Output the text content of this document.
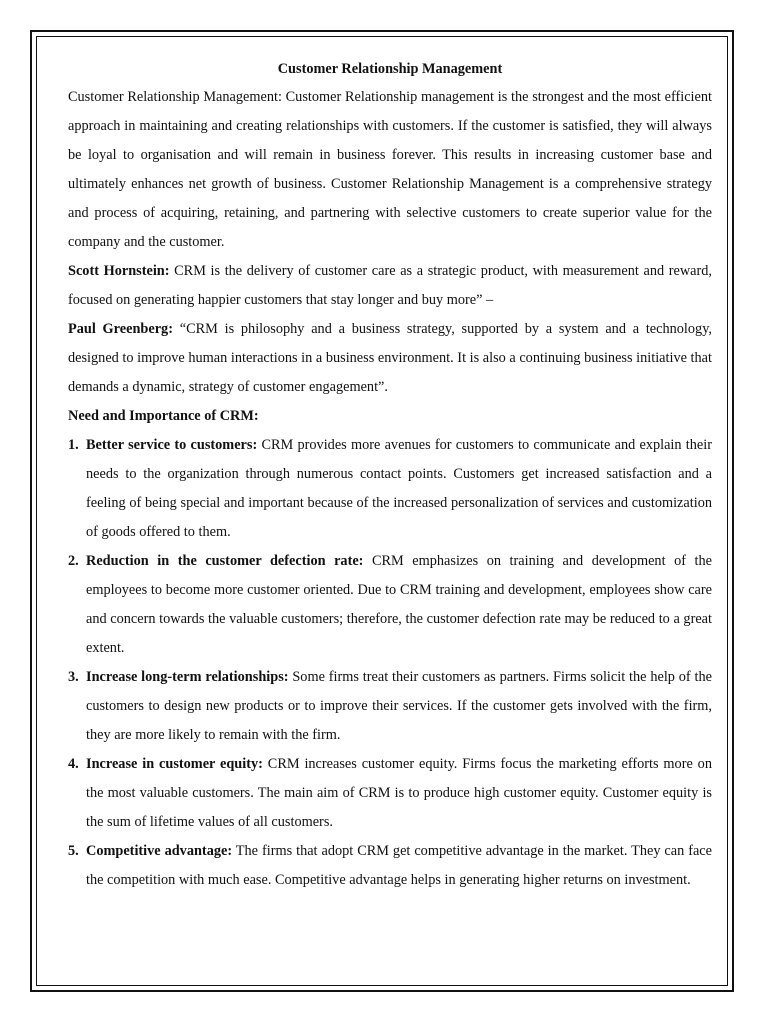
Customer Relationship Management

Customer Relationship Management: Customer Relationship management is the strongest and the most efficient approach in maintaining and creating relationships with customers. If the customer is satisfied, they will always be loyal to organisation and will remain in business forever. This results in increasing customer base and ultimately enhances net growth of business. Customer Relationship Management is a comprehensive strategy and process of acquiring, retaining, and partnering with selective customers to create superior value for the company and the customer.

Scott Hornstein: CRM is the delivery of customer care as a strategic product, with measurement and reward, focused on generating happier customers that stay longer and buy more” –

Paul Greenberg: “CRM is philosophy and a business strategy, supported by a system and a technology, designed to improve human interactions in a business environment. It is also a continuing business initiative that demands a dynamic, strategy of customer engagement”.

Need and Importance of CRM:

1. Better service to customers: CRM provides more avenues for customers to communicate and explain their needs to the organization through numerous contact points. Customers get increased satisfaction and a feeling of being special and important because of the increased personalization of services and customization of goods offered to them.
2. Reduction in the customer defection rate: CRM emphasizes on training and development of the employees to become more customer oriented. Due to CRM training and development, employees show care and concern towards the valuable customers; therefore, the customer defection rate may be reduced to a great extent.
3. Increase long-term relationships: Some firms treat their customers as partners. Firms solicit the help of the customers to design new products or to improve their services. If the customer gets involved with the firm, they are more likely to remain with the firm.
4. Increase in customer equity: CRM increases customer equity. Firms focus the marketing efforts more on the most valuable customers. The main aim of CRM is to produce high customer equity. Customer equity is the sum of lifetime values of all customers.
5. Competitive advantage: The firms that adopt CRM get competitive advantage in the market. They can face the competition with much ease. Competitive advantage helps in generating higher returns on investment.
